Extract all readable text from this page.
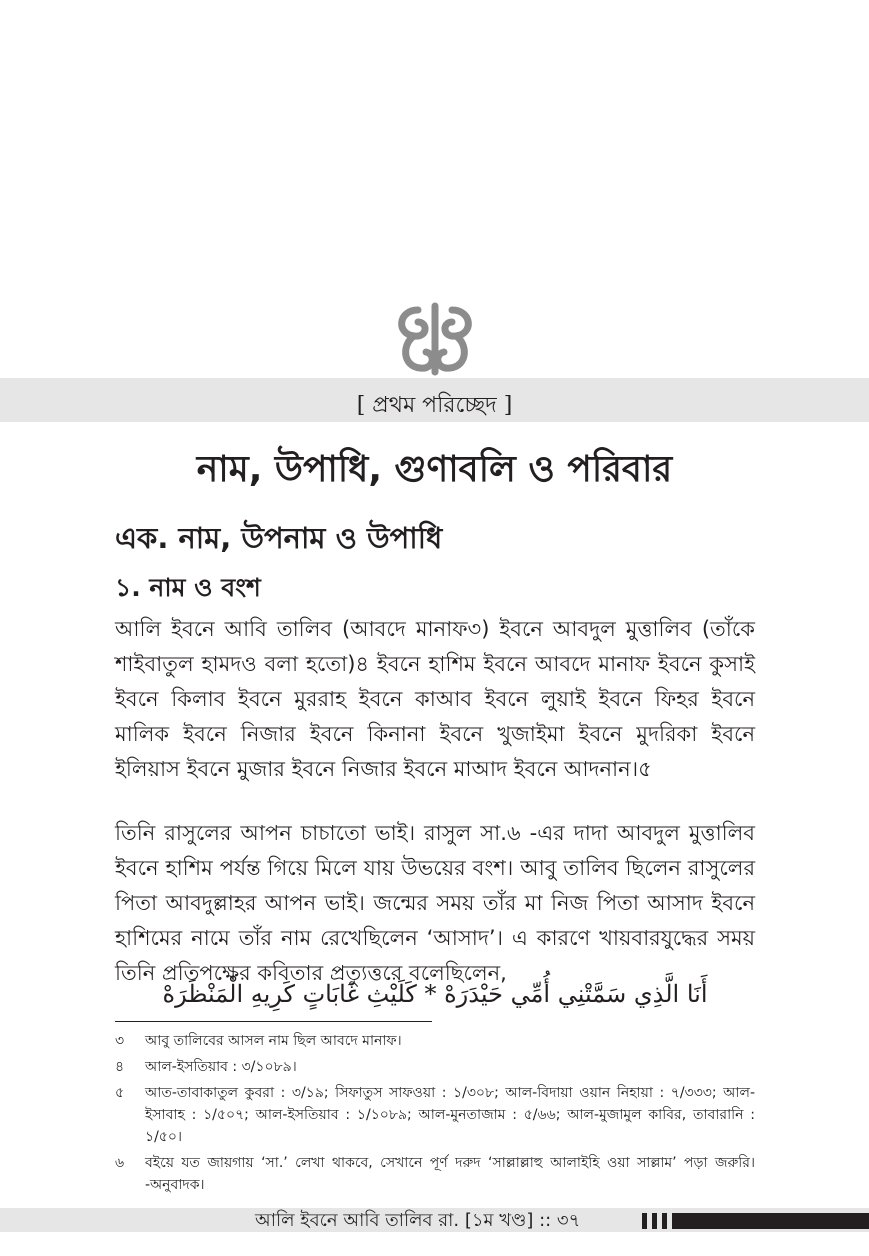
[ প্রথম পরিচ্ছেদ ]
নাম, উপাধি, গুণাবলি ও পরিবার
এক. নাম, উপনাম ও উপাধি
১. নাম ও বংশ

আলি ইবনে আবি তালিব (আবদে মানাফ৩) ইবনে আবদুল মুত্তালিব (তাঁকে শাইবাতুল হামদও বলা হতো)৪ ইবনে হাশিম ইবনে আবদে মানাফ ইবনে কুসাই ইবনে কিলাব ইবনে মুররাহ ইবনে কাআব ইবনে লুয়াই ইবনে ফিহর ইবনে মালিক ইবনে নিজার ইবনে কিনানা ইবনে খুজাইমা ইবনে মুদরিকা ইবনে ইলিয়াস ইবনে মুজার ইবনে নিজার ইবনে মাআদ ইবনে আদনান।৫

তিনি রাসুলের আপন চাচাতো ভাই। রাসুল সা.৬ -এর দাদা আবদুল মুত্তালিব ইবনে হাশিম পর্যন্ত গিয়ে মিলে যায় উভয়ের বংশ। আবু তালিব ছিলেন রাসুলের পিতা আবদুল্লাহর আপন ভাই। জন্মের সময় তাঁর মা নিজ পিতা আসাদ ইবনে হাশিমের নামে তাঁর নাম রেখেছিলেন ‘আসাদ’। এ কারণে খায়বারযুদ্ধের সময় তিনি প্রতিপক্ষের কবিতার প্রত্যুত্তরে বলেছিলেন,

أَنَا الَّذِي سَمَّتْنِي أُمِّي حَيْدَرَهْ * كَلَيْثِ غَابَاتٍ كَرِيهِ الْمَنْظَرَهْ
৩	আবু তালিবের আসল নাম ছিল আবদে মানাফ।
৪	আল-ইসতিয়াব : ৩/১০৮৯।
৫	আত-তাবাকাতুল কুবরা : ৩/১৯; সিফাতুস সাফওয়া : ১/৩০৮; আল-বিদায়া ওয়ান নিহায়া : ৭/৩৩৩; আল-ইসাবাহ : ১/৫০৭; আল-ইসতিয়াব : ১/১০৮৯; আল-মুনতাজাম : ৫/৬৬; আল-মুজামুল কাবির, তাবারানি : ১/৫০।
৬	বইয়ে যত জায়গায় ‘সা.’ লেখা থাকবে, সেখানে পূর্ণ দরুদ ‘সাল্লাল্লাহু আলাইহি ওয়া সাল্লাম’ পড়া জরুরি। -অনুবাদক।
আলি ইবনে আবি তালিব রা. [১ম খণ্ড] :: ৩৭
